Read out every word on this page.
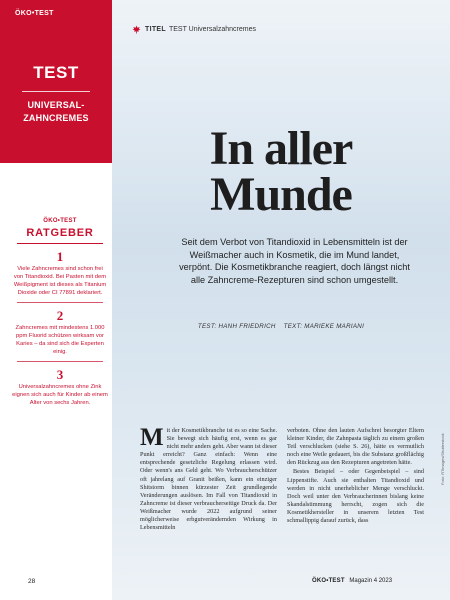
ÖKO•TEST
TEST
UNIVERSAL-
ZAHNCREMES
ÖKO•TEST
RATGEBER
1
Viele Zahncremes sind schon frei von Titandioxid. Bei Pasten mit dem Weißpigment ist dieses als Titanium Dioxide oder CI 77891 deklariert.
2
Zahncremes mit mindestens 1.000 ppm Fluorid schützen wirksam vor Karies – da sind sich die Experten einig.
3
Universalzahncremes ohne Zink eignen sich auch für Kinder ab einem Alter von sechs Jahren.
TITEL TEST Universalzahncremes
In aller
Munde
Seit dem Verbot von Titandioxid in Lebensmitteln ist der Weißmacher auch in Kosmetik, die im Mund landet, verpönt. Die Kosmetikbranche reagiert, doch längst nicht alle Zahncreme-Rezepturen sind schon umgestellt.
TEST: HANH FRIEDRICH TEXT: MARIEKE MARIANI

Mit der Kosmetikbranche ist es so eine Sache. Sie bewegt sich häufig erst, wenn es gar nicht mehr anders geht. Aber wann ist dieser Punkt erreicht? Ganz einfach: Wenn eine entsprechende gesetzliche Regelung erlassen wird. Oder wenn's ans Geld geht. Wo Verbraucherschützer oft jahrelang auf Granit beißen, kann ein einziger Shitstorm binnen kürzester Zeit grundlegende Veränderungen auslösen. Im Fall von Titandioxid in Zahncreme ist dieser verbraucherseitige Druck da. Der Weißmacher wurde 2022 aufgrund seiner möglicherweise erbgutverändernden Wirkung in Lebensmitteln

verboten. Ohne den lauten Aufschrei besorgter Eltern kleiner Kinder, die Zahnpasta täglich zu einem großen Teil verschlucken (siehe S. 26), hätte es vermutlich noch eine Weile gedauert, bis die Substanz großflächig den Rückzug aus den Rezepturen angetreten hätte.

Bestes Beispiel – oder Gegenbeispiel – sind Lippenstifte. Auch sie enthalten Titandioxid und werden in nicht unerheblicher Menge verschluckt. Doch weil unter den Verbraucherinnen bislang keine Skandalstimmung herrscht, zogen sich die Kosmetikhersteller in unserem letzten Test schmallippig darauf zurück, dass

Foto: RTimages/Shutterstock
28	ÖKO•TEST Magazin 4 2023
